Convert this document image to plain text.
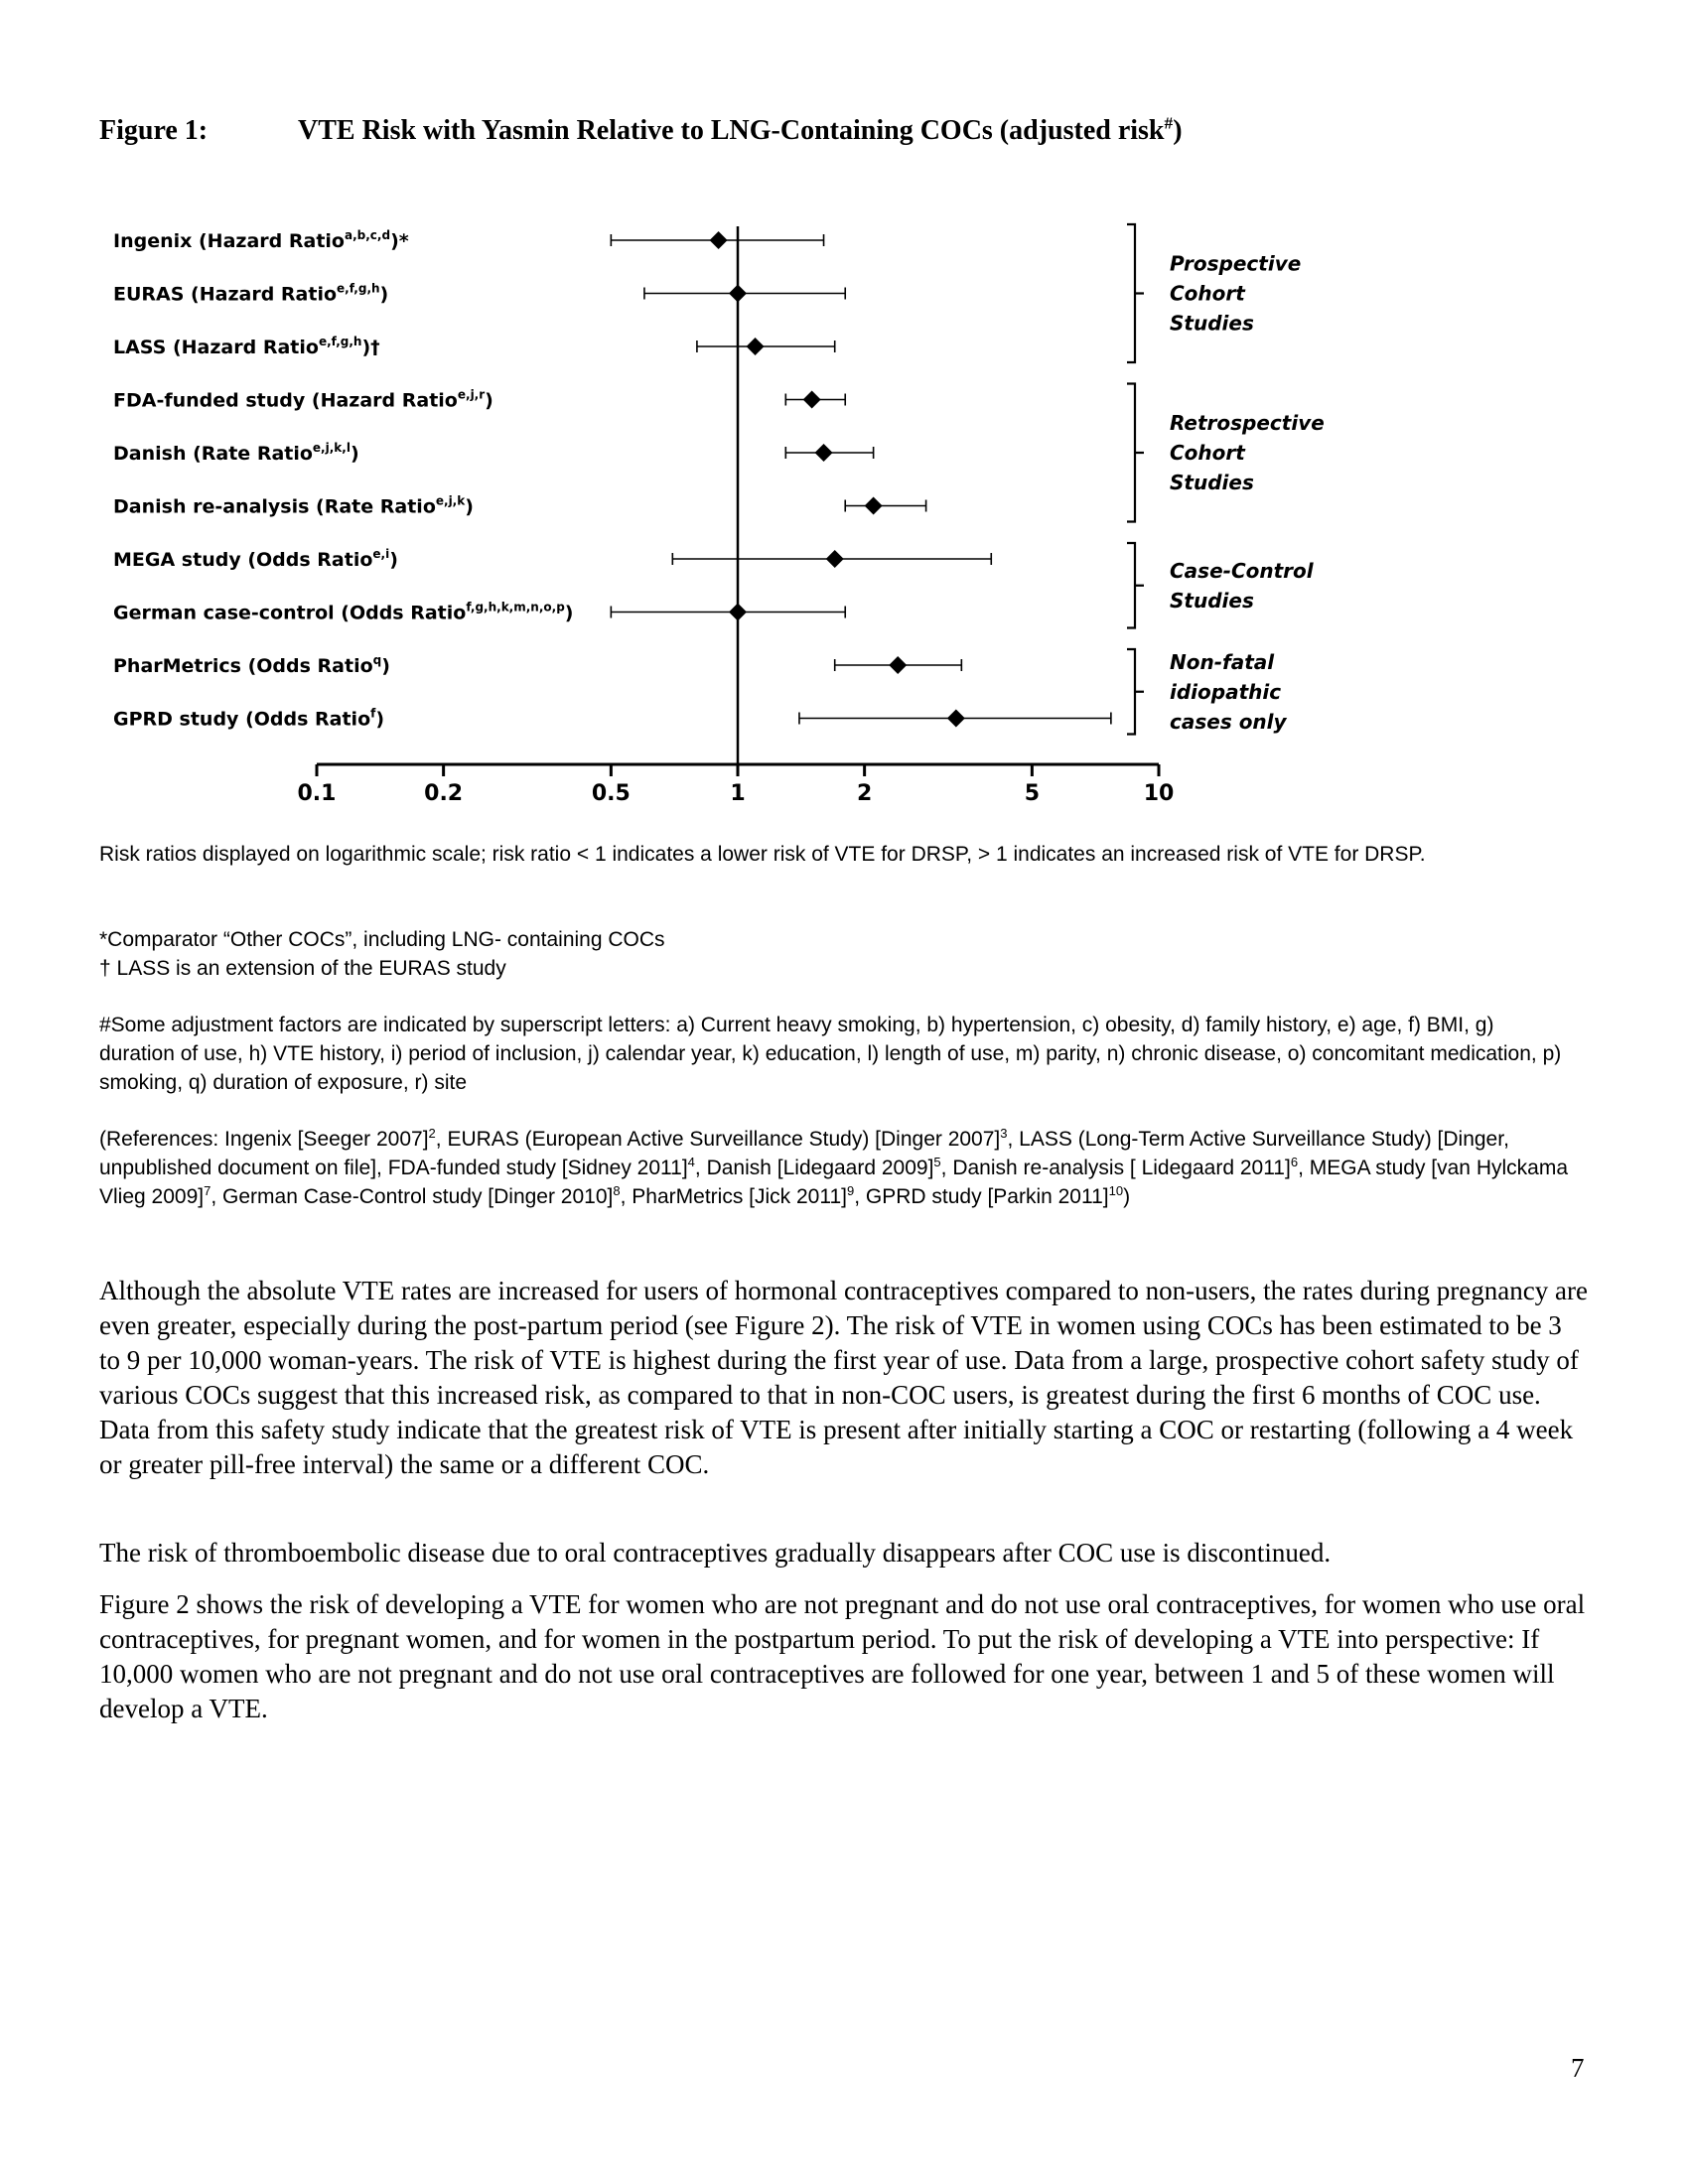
Figure 1:	VTE Risk with Yasmin Relative to LNG-Containing COCs (adjusted risk#)
0.1	0.2	0.5	1	2	5	10
Ingenix (Hazard Ratio$^{a,b,c,d}$)*
EURAS (Hazard Ratio$^{e,f,g,h}$)
LASS (Hazard Ratio$^{e,f,g,h}$)†
FDA-funded study (Hazard Ratio$^{e,j,r}$)
Danish (Rate Ratio$^{e,j,k,l}$)
Danish re-analysis (Rate Ratio$^{e,j,k}$)
MEGA study (Odds Ratio$^{e,i}$)
German case-control (Odds Ratio$^{f,g,h,k,m,n,o,p}$)
PharMetrics (Odds Ratio$^q$)
GPRD study (Odds Ratio$^f$)
Prospective
Cohort
Studies
Retrospective
Cohort
Studies
Case-Control
Studies
Non-fatal
idiopathic
cases only
Risk ratios displayed on logarithmic scale; risk ratio < 1 indicates a lower risk of VTE for DRSP, > 1 indicates an increased risk of VTE for DRSP.
*Comparator “Other COCs”, including LNG- containing COCs
† LASS is an extension of the EURAS study
#Some adjustment factors are indicated by superscript letters: a) Current heavy smoking, b) hypertension, c) obesity, d) family history, e) age, f) BMI, g) duration of use, h) VTE history, i) period of inclusion, j) calendar year, k) education, l) length of use, m) parity, n) chronic disease, o) concomitant medication, p) smoking, q) duration of exposure, r) site
(References: Ingenix [Seeger 2007]$^2$, EURAS (European Active Surveillance Study) [Dinger 2007]$^3$, LASS (Long-Term Active Surveillance Study) [Dinger, unpublished document on file], FDA-funded study [Sidney 2011]$^4$, Danish [Lidegaard 2009]$^5$, Danish re-analysis [ Lidegaard 2011]$^6$, MEGA study [van Hylckama Vlieg 2009]$^7$, German Case-Control study [Dinger 2010]$^8$, PharMetrics [Jick 2011]$^9$, GPRD study [Parkin 2011]$^{10}$)
Although the absolute VTE rates are increased for users of hormonal contraceptives compared to non-users, the rates during pregnancy are even greater, especially during the post-partum period (see Figure 2). The risk of VTE in women using COCs has been estimated to be 3 to 9 per 10,000 woman-years. The risk of VTE is highest during the first year of use. Data from a large, prospective cohort safety study of various COCs suggest that this increased risk, as compared to that in non-COC users, is greatest during the first 6 months of COC use. Data from this safety study indicate that the greatest risk of VTE is present after initially starting a COC or restarting (following a 4 week or greater pill-free interval) the same or a different COC.
The risk of thromboembolic disease due to oral contraceptives gradually disappears after COC use is discontinued.
Figure 2 shows the risk of developing a VTE for women who are not pregnant and do not use oral contraceptives, for women who use oral contraceptives, for pregnant women, and for women in the postpartum period. To put the risk of developing a VTE into perspective: If 10,000 women who are not pregnant and do not use oral contraceptives are followed for one year, between 1 and 5 of these women will develop a VTE.
7
